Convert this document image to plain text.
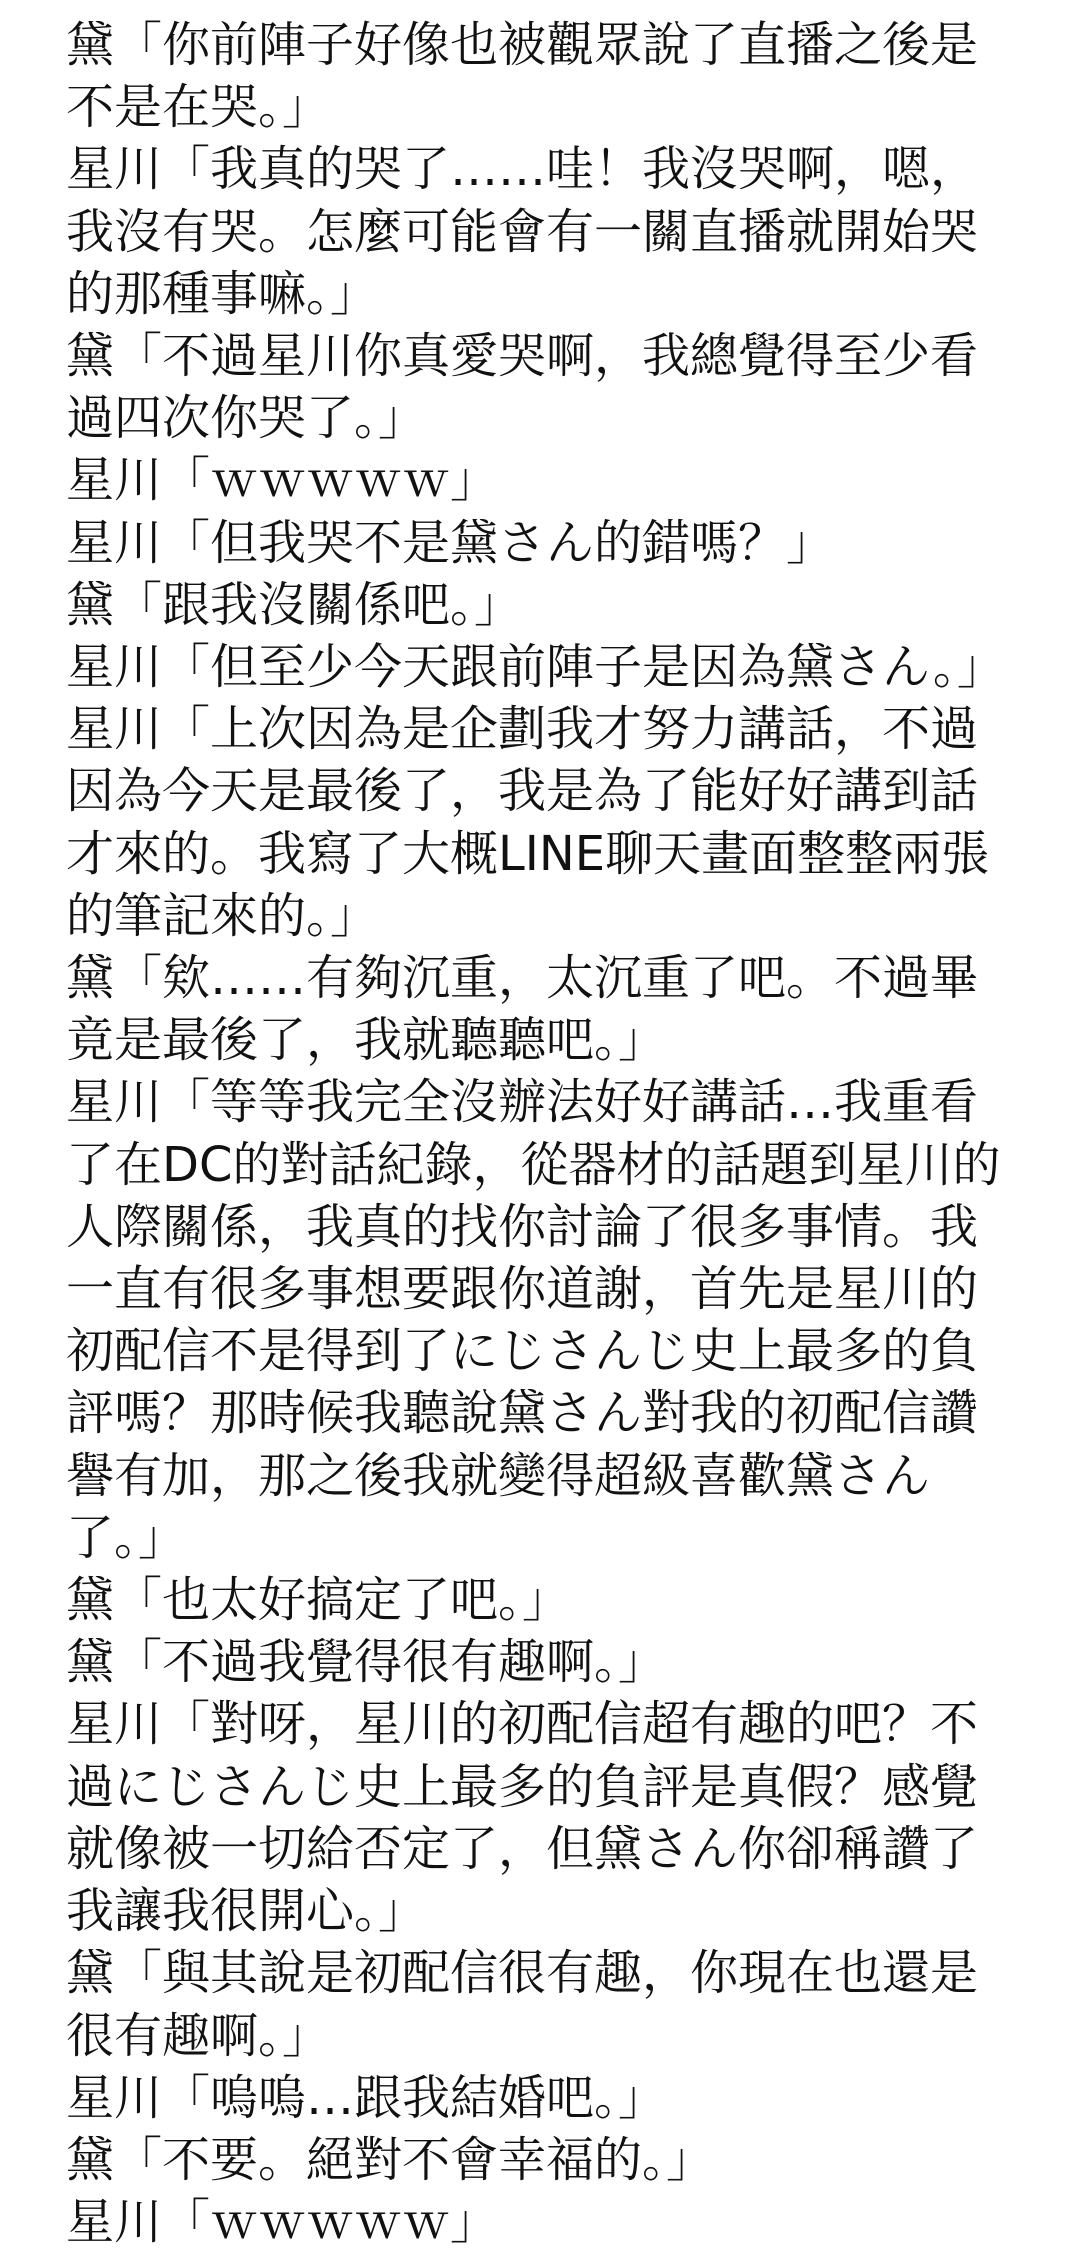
黛「你前陣子好像也被觀眾說了直播之後是不是在哭。」

星川「我真的哭了……哇！我沒哭啊，嗯，我沒有哭。怎麼可能會有一關直播就開始哭的那種事嘛。」

黛「不過星川你真愛哭啊，我總覺得至少看過四次你哭了。」

星川「ｗｗｗｗｗ」

星川「但我哭不是黛さん的錯嗎？」

黛「跟我沒關係吧。」

星川「但至少今天跟前陣子是因為黛さん。」

星川「上次因為是企劃我才努力講話，不過因為今天是最後了，我是為了能好好講到話才來的。我寫了大概LINE聊天畫面整整兩張的筆記來的。」

黛「欸……有夠沉重，太沉重了吧。不過畢竟是最後了，我就聽聽吧。」

星川「等等我完全沒辦法好好講話…我重看了在DC的對話紀錄，從器材的話題到星川的人際關係，我真的找你討論了很多事情。我一直有很多事想要跟你道謝，首先是星川的初配信不是得到了にじさんじ史上最多的負評嗎？那時候我聽說黛さん對我的初配信讚譽有加，那之後我就變得超級喜歡黛さん了。」

黛「也太好搞定了吧。」

黛「不過我覺得很有趣啊。」

星川「對呀，星川的初配信超有趣的吧？不過にじさんじ史上最多的負評是真假？感覺就像被一切給否定了，但黛さん你卻稱讚了我讓我很開心。」

黛「與其說是初配信很有趣，你現在也還是很有趣啊。」

星川「嗚嗚…跟我結婚吧。」

黛「不要。絕對不會幸福的。」

星川「ｗｗｗｗｗ」
